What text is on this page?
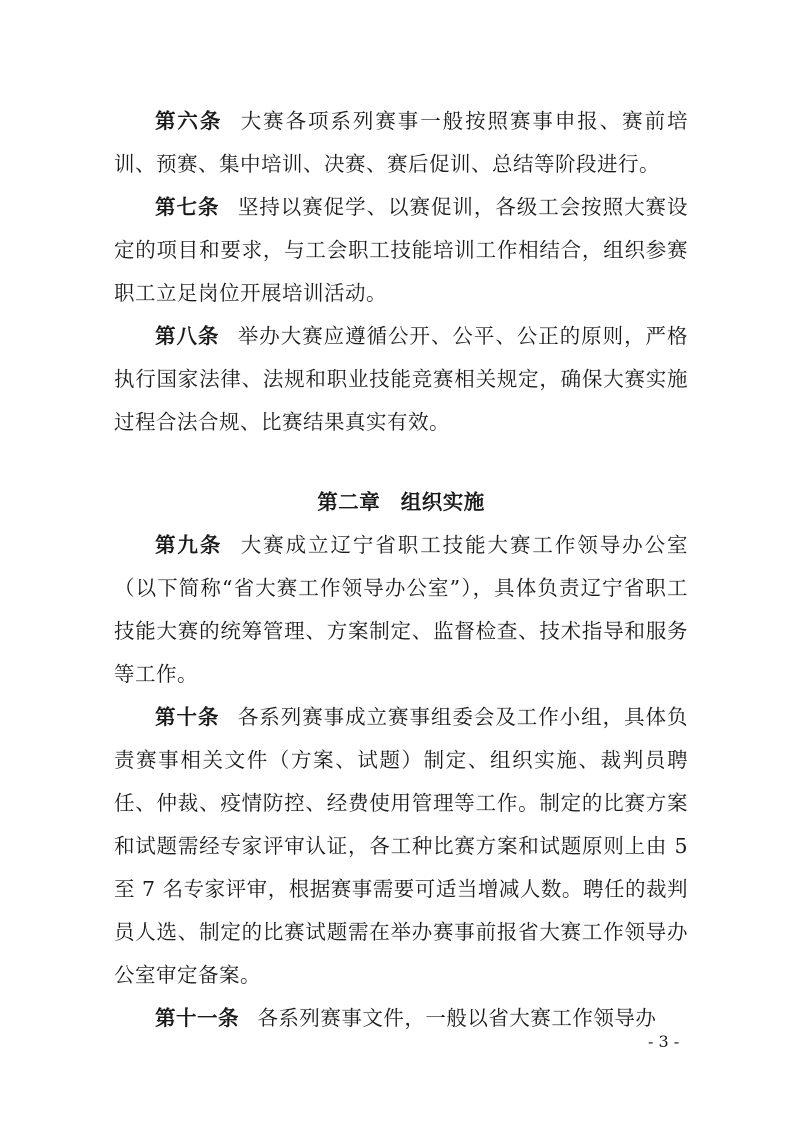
第六条 大赛各项系列赛事一般按照赛事申报、赛前培训、预赛、集中培训、决赛、赛后促训、总结等阶段进行。

第七条 坚持以赛促学、以赛促训，各级工会按照大赛设定的项目和要求，与工会职工技能培训工作相结合，组织参赛职工立足岗位开展培训活动。

第八条 举办大赛应遵循公开、公平、公正的原则，严格执行国家法律、法规和职业技能竞赛相关规定，确保大赛实施过程合法合规、比赛结果真实有效。

第二章 组织实施

第九条 大赛成立辽宁省职工技能大赛工作领导办公室（以下简称“省大赛工作领导办公室”），具体负责辽宁省职工技能大赛的统筹管理、方案制定、监督检查、技术指导和服务等工作。

第十条 各系列赛事成立赛事组委会及工作小组，具体负责赛事相关文件（方案、试题）制定、组织实施、裁判员聘任、仲裁、疫情防控、经费使用管理等工作。制定的比赛方案和试题需经专家评审认证，各工种比赛方案和试题原则上由 5 至 7 名专家评审，根据赛事需要可适当增减人数。聘任的裁判员人选、制定的比赛试题需在举办赛事前报省大赛工作领导办公室审定备案。

第十一条 各系列赛事文件，一般以省大赛工作领导办

- 3 -
